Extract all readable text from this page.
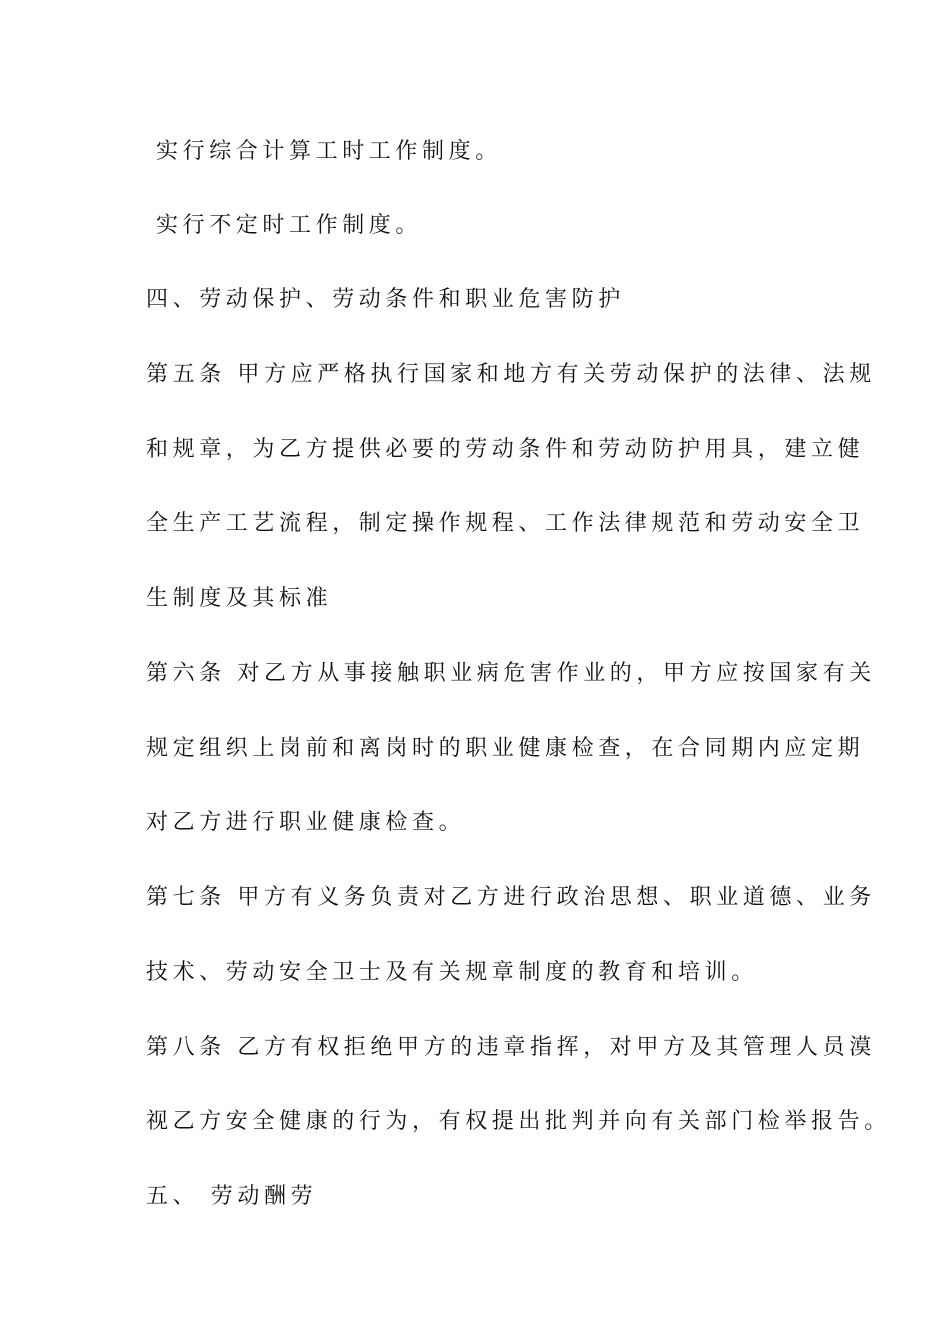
实行综合计算工时工作制度。
实行不定时工作制度。
四、劳动保护、劳动条件和职业危害防护
第五条 甲方应严格执行国家和地方有关劳动保护的法律、法规
和规章，为乙方提供必要的劳动条件和劳动防护用具，建立健
全生产工艺流程，制定操作规程、工作法律规范和劳动安全卫
生制度及其标准
第六条 对乙方从事接触职业病危害作业的，甲方应按国家有关
规定组织上岗前和离岗时的职业健康检查，在合同期内应定期
对乙方进行职业健康检查。
第七条 甲方有义务负责对乙方进行政治思想、职业道德、业务
技术、劳动安全卫士及有关规章制度的教育和培训。
第八条 乙方有权拒绝甲方的违章指挥，对甲方及其管理人员漠
视乙方安全健康的行为，有权提出批判并向有关部门检举报告。
五、 劳动酬劳
